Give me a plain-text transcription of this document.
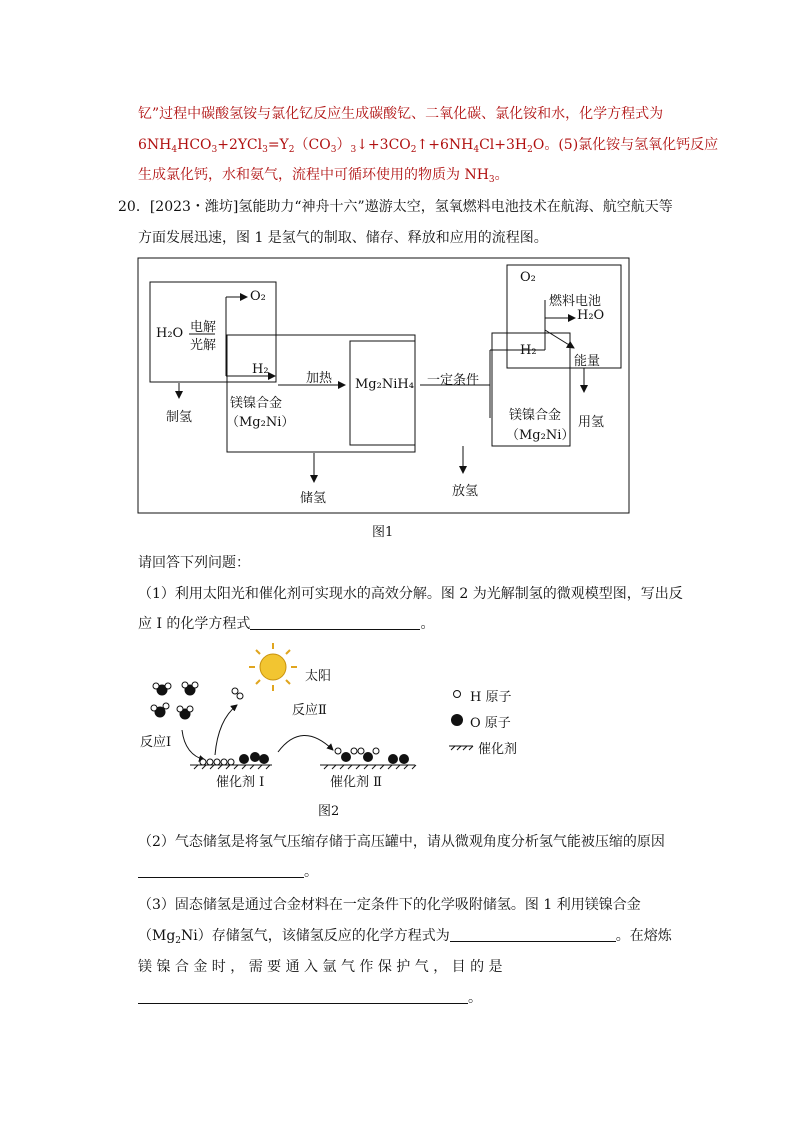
钇”过程中碳酸氢铵与氯化钇反应生成碳酸钇、二氧化碳、氯化铵和水，化学方程式为
$6NH_4HCO_3+2YCl_3=Y_2(CO_3)_3↓+3CO_2↑+6NH_4Cl+3H_2O$。(5)氯化铵与氢氧化钙反应
生成氯化钙，水和氨气，流程中可循环使用的物质为 $NH_3$。
20．[2023・潍坊]氢能助力“神舟十六”遨游太空，氢氧燃料电池技术在航海、航空航天等
方面发展迅速，图 1 是氢气的制取、储存、释放和应用的流程图。
H₂O 电解
光解
O₂
H₂
制氢
镁镍合金
（Mg₂Ni）
加热 Mg₂NiH₄ 一定条件
镁镍合金
（Mg₂Ni）
H₂
O₂
燃料电池
H₂O
能量
用氢
储氢	放氢
图1
请回答下列问题：
（1）利用太阳光和催化剂可实现水的高效分解。图 2 为光解制氢的微观模型图，写出反
应 I 的化学方程式	。
太阳
反应I
反应Ⅱ
催化剂 I	催化剂 Ⅱ
H 原子
O 原子
催化剂
图2
（2）气态储氢是将氢气压缩存储于高压罐中，请从微观角度分析氢气能被压缩的原因
。
（3）固态储氢是通过合金材料在一定条件下的化学吸附储氢。图 1 利用镁镍合金
$(Mg_2Ni)$存储氢气，该储氢反应的化学方程式为	。在熔炼
镁 镍 合 金 时 ， 需 要 通 入 氩 气 作 保 护 气 ， 目 的 是
。
